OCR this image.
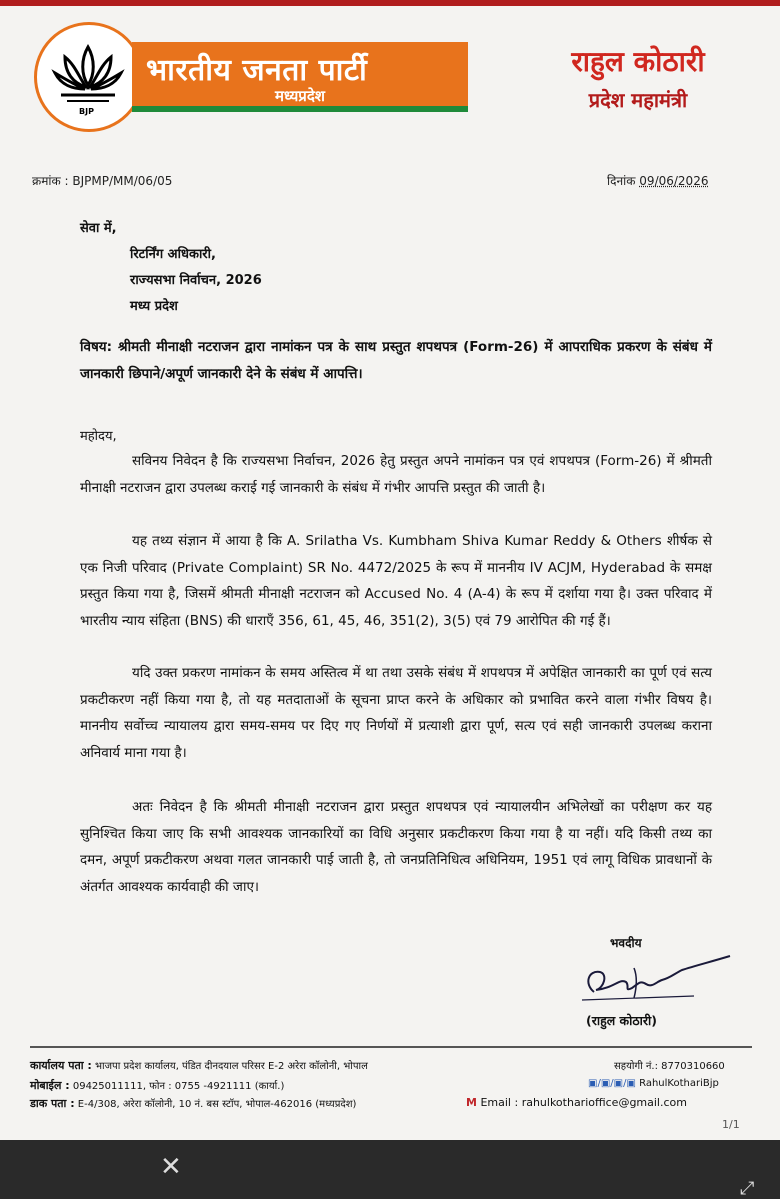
BJP
भारतीय जनता पार्टी
मध्यप्रदेश
राहुल कोठारी
प्रदेश महामंत्री
क्रमांक : BJPMP/MM/06/05	दिनांक 09/06/2026
सेवा में,
रिटर्निंग अधिकारी,
राज्यसभा निर्वाचन, 2026
मध्य प्रदेश
विषय: श्रीमती मीनाक्षी नटराजन द्वारा नामांकन पत्र के साथ प्रस्तुत शपथपत्र (Form-26) में आपराधिक प्रकरण के संबंध में जानकारी छिपाने/अपूर्ण जानकारी देने के संबंध में आपत्ति।
महोदय,
सविनय निवेदन है कि राज्यसभा निर्वाचन, 2026 हेतु प्रस्तुत अपने नामांकन पत्र एवं शपथपत्र (Form-26) में श्रीमती मीनाक्षी नटराजन द्वारा उपलब्ध कराई गई जानकारी के संबंध में गंभीर आपत्ति प्रस्तुत की जाती है।
यह तथ्य संज्ञान में आया है कि A. Srilatha Vs. Kumbham Shiva Kumar Reddy & Others शीर्षक से एक निजी परिवाद (Private Complaint) SR No. 4472/2025 के रूप में माननीय IV ACJM, Hyderabad के समक्ष प्रस्तुत किया गया है, जिसमें श्रीमती मीनाक्षी नटराजन को Accused No. 4 (A-4) के रूप में दर्शाया गया है। उक्त परिवाद में भारतीय न्याय संहिता (BNS) की धाराएँ 356, 61, 45, 46, 351(2), 3(5) एवं 79 आरोपित की गई हैं।
यदि उक्त प्रकरण नामांकन के समय अस्तित्व में था तथा उसके संबंध में शपथपत्र में अपेक्षित जानकारी का पूर्ण एवं सत्य प्रकटीकरण नहीं किया गया है, तो यह मतदाताओं के सूचना प्राप्त करने के अधिकार को प्रभावित करने वाला गंभीर विषय है। माननीय सर्वोच्च न्यायालय द्वारा समय-समय पर दिए गए निर्णयों में प्रत्याशी द्वारा पूर्ण, सत्य एवं सही जानकारी उपलब्ध कराना अनिवार्य माना गया है।
अतः निवेदन है कि श्रीमती मीनाक्षी नटराजन द्वारा प्रस्तुत शपथपत्र एवं न्यायालयीन अभिलेखों का परीक्षण कर यह सुनिश्चित किया जाए कि सभी आवश्यक जानकारियों का विधि अनुसार प्रकटीकरण किया गया है या नहीं। यदि किसी तथ्य का दमन, अपूर्ण प्रकटीकरण अथवा गलत जानकारी पाई जाती है, तो जनप्रतिनिधित्व अधिनियम, 1951 एवं लागू विधिक प्रावधानों के अंतर्गत आवश्यक कार्यवाही की जाए।
भवदीय
(राहुल कोठारी)
कार्यालय पता : भाजपा प्रदेश कार्यालय, पंडित दीनदयाल परिसर E-2 अरेरा कॉलोनी, भोपाल
मोबाईल : 09425011111, फोन : 0755 -4921111 (कार्या.)
डाक पता : E-4/308, अरेरा कॉलोनी, 10 नं. बस स्टॉप, भोपाल-462016 (मध्यप्रदेश)
सहयोगी नं.: 8770310660
▣/▣/▣/▣ RahulKothariBjp
M Email : rahulkotharioffice@gmail.com
1/1
✕
⤢
